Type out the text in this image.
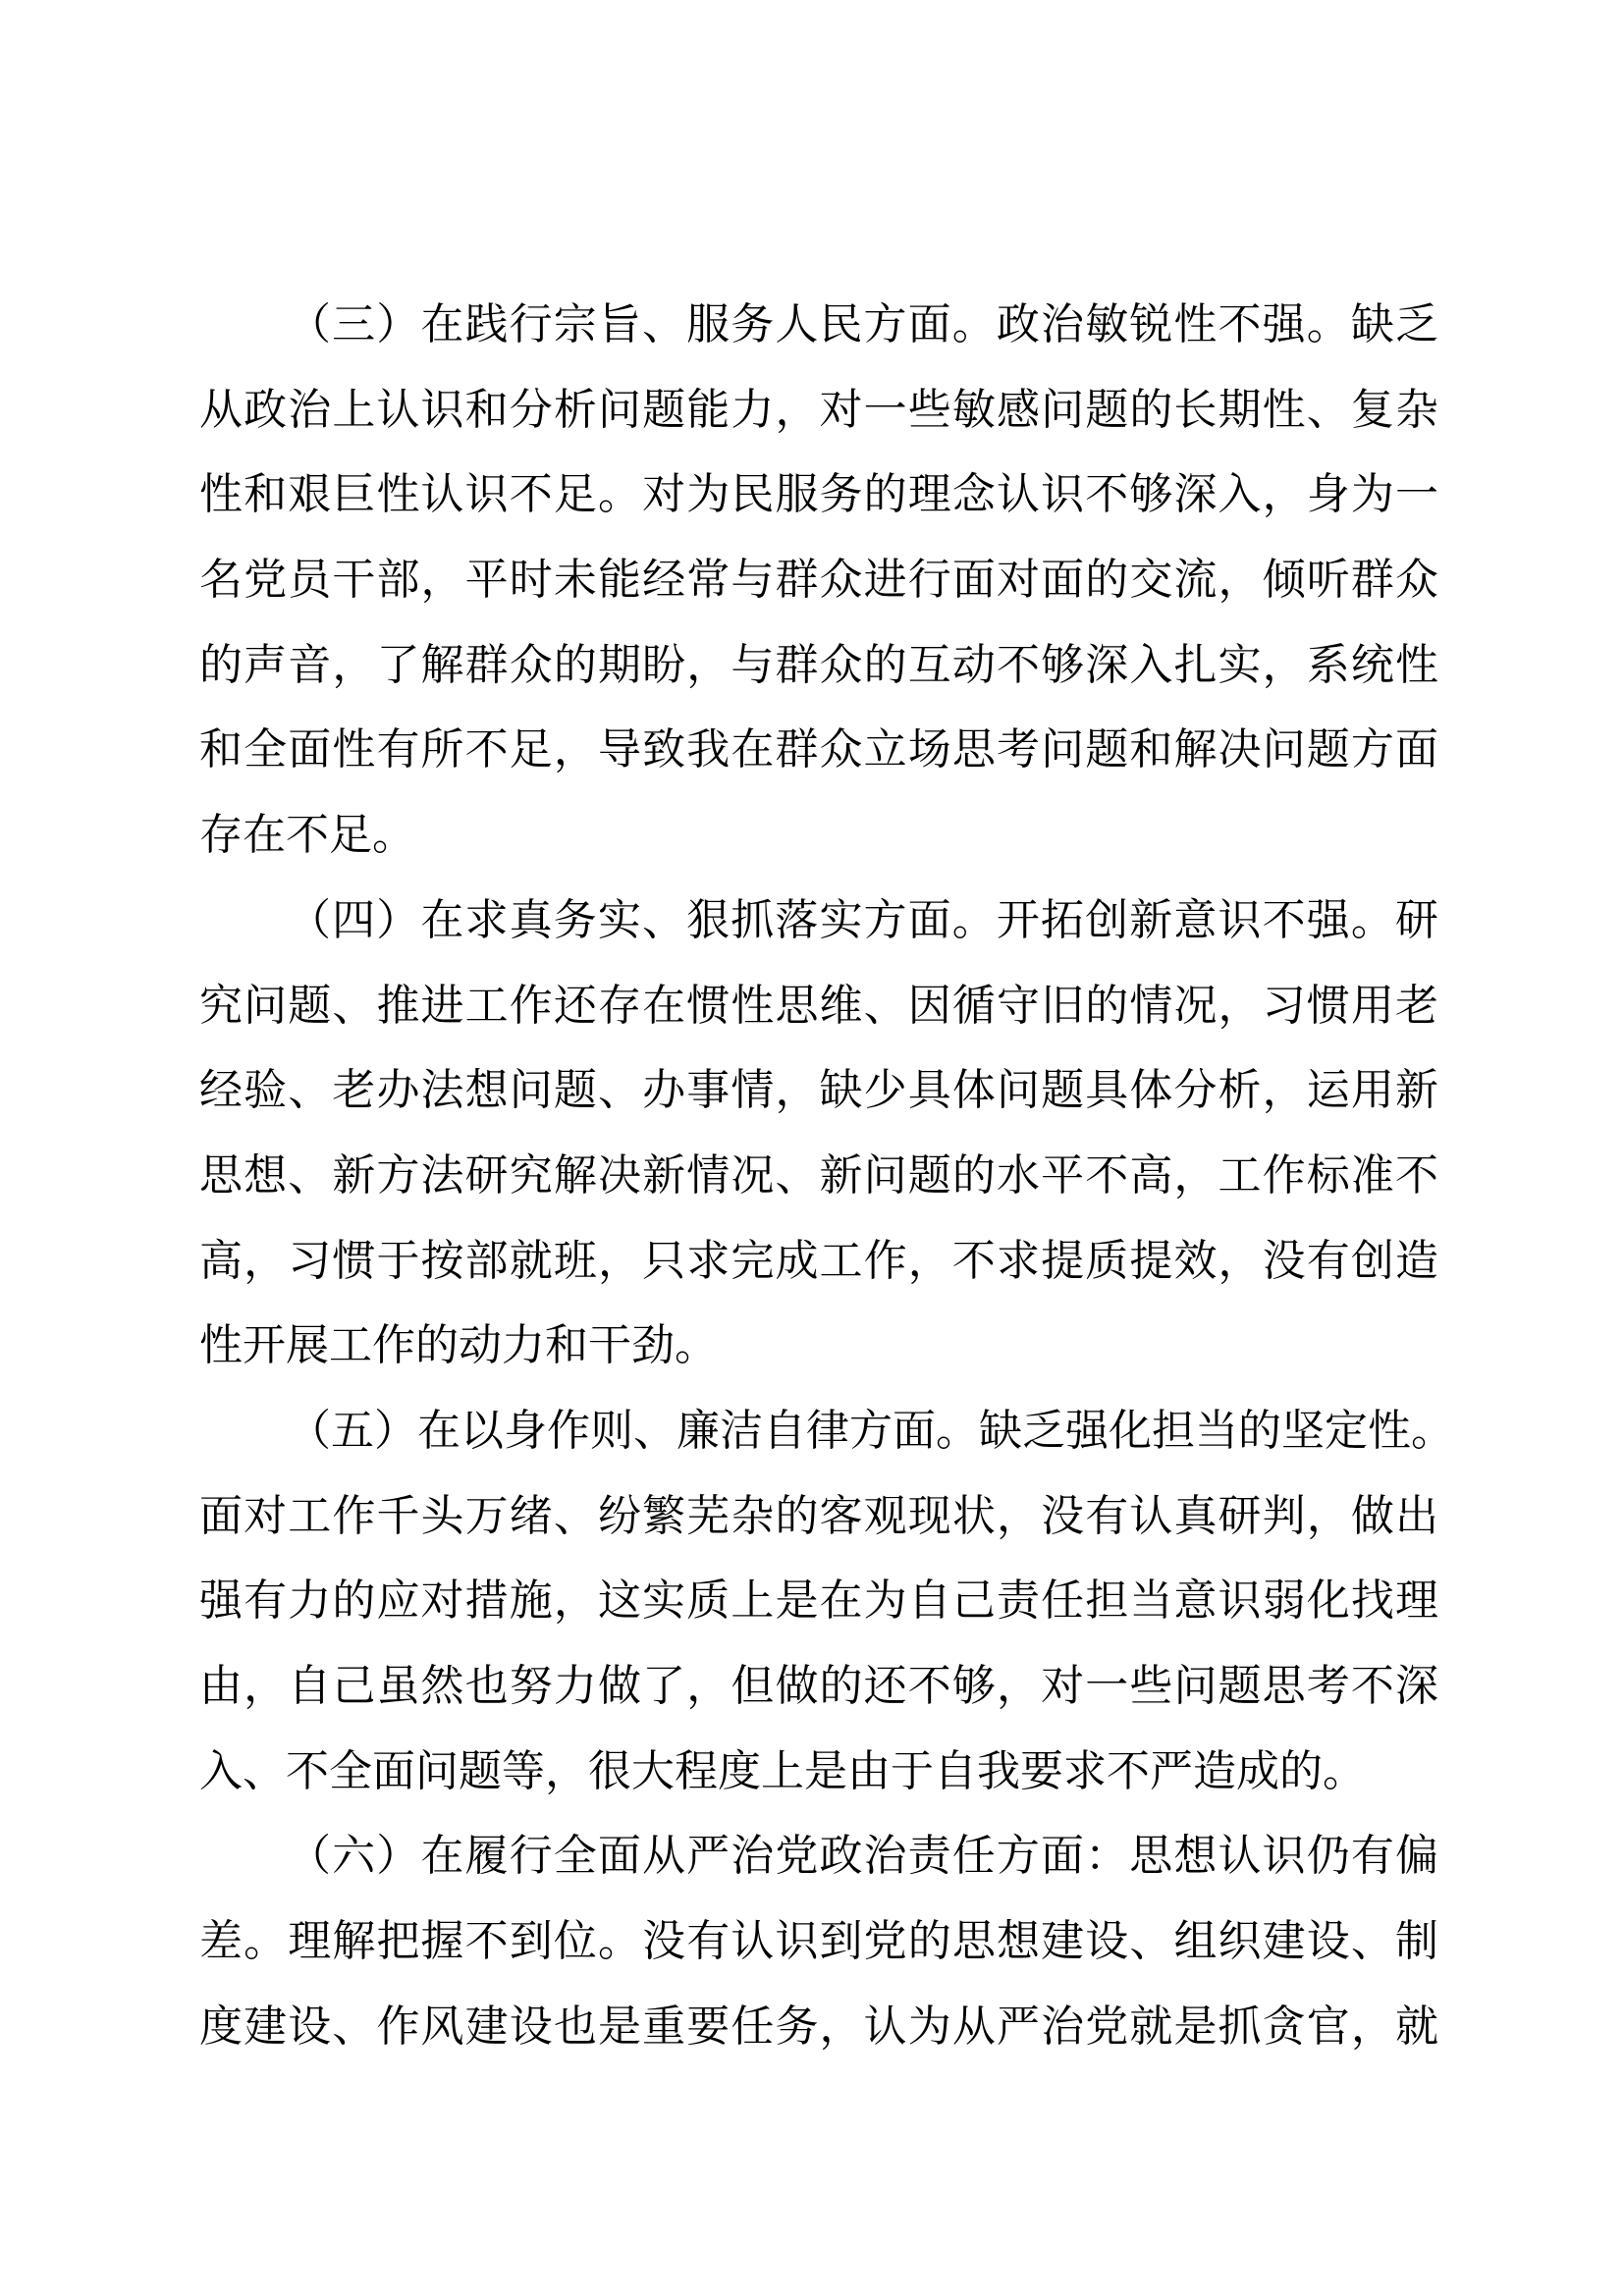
（三）在践行宗旨、服务人民方面。政治敏锐性不强。缺乏
从政治上认识和分析问题能力，对一些敏感问题的长期性、复杂
性和艰巨性认识不足。对为民服务的理念认识不够深入，身为一
名党员干部，平时未能经常与群众进行面对面的交流，倾听群众
的声音，了解群众的期盼，与群众的互动不够深入扎实，系统性
和全面性有所不足，导致我在群众立场思考问题和解决问题方面
存在不足。
（四）在求真务实、狠抓落实方面。开拓创新意识不强。研
究问题、推进工作还存在惯性思维、因循守旧的情况，习惯用老
经验、老办法想问题、办事情，缺少具体问题具体分析，运用新
思想、新方法研究解决新情况、新问题的水平不高，工作标准不
高，习惯于按部就班，只求完成工作，不求提质提效，没有创造
性开展工作的动力和干劲。
（五）在以身作则、廉洁自律方面。缺乏强化担当的坚定性。
面对工作千头万绪、纷繁芜杂的客观现状，没有认真研判，做出
强有力的应对措施，这实质上是在为自己责任担当意识弱化找理
由，自己虽然也努力做了，但做的还不够，对一些问题思考不深
入、不全面问题等，很大程度上是由于自我要求不严造成的。
（六）在履行全面从严治党政治责任方面：思想认识仍有偏
差。理解把握不到位。没有认识到党的思想建设、组织建设、制
度建设、作风建设也是重要任务，认为从严治党就是抓贪官，就
